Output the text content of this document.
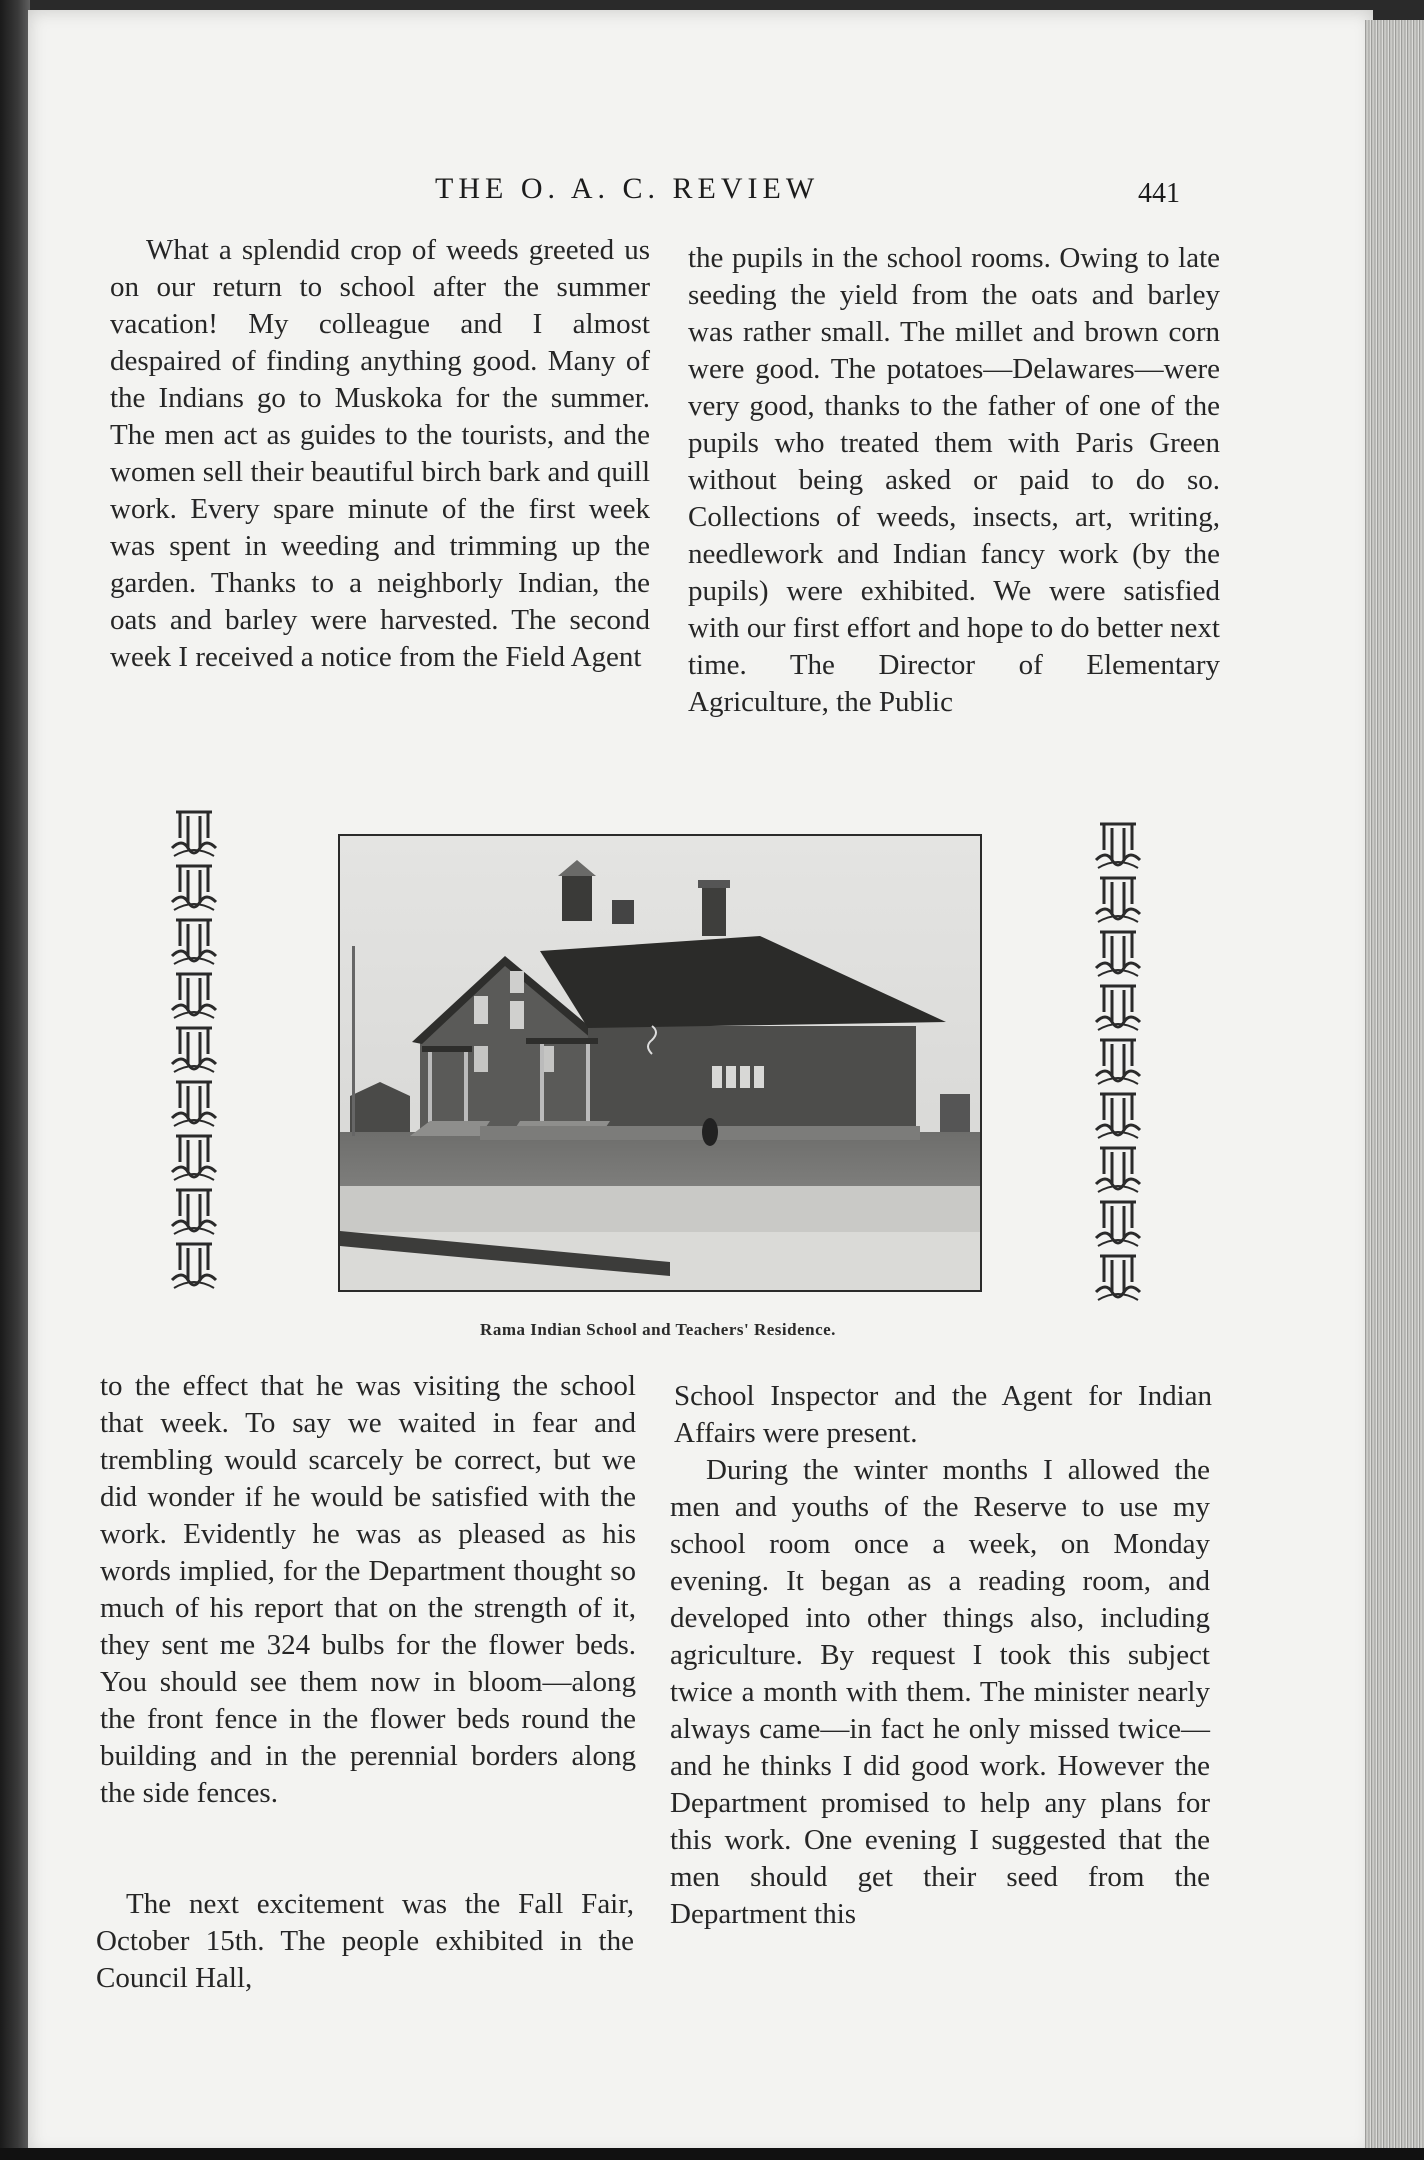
THE O. A. C. REVIEW	441

What a splendid crop of weeds greeted us on our return to school after the summer vacation! My colleague and I almost despaired of finding anything good. Many of the Indians go to Muskoka for the summer. The men act as guides to the tourists, and the women sell their beautiful birch bark and quill work. Every spare minute of the first week was spent in weeding and trimming up the garden. Thanks to a neighborly Indian, the oats and barley were harvested. The second week I received a notice from the Field Agent

the pupils in the school rooms. Owing to late seeding the yield from the oats and barley was rather small. The millet and brown corn were good. The potatoes—Delawares—were very good, thanks to the father of one of the pupils who treated them with Paris Green without being asked or paid to do so. Collections of weeds, insects, art, writing, needlework and Indian fancy work (by the pupils) were exhibited. We were satisfied with our first effort and hope to do better next time. The Director of Elementary Agriculture, the Public

Rama Indian School and Teachers' Residence.

to the effect that he was visiting the school that week. To say we waited in fear and trembling would scarcely be correct, but we did wonder if he would be satisfied with the work. Evidently he was as pleased as his words implied, for the Department thought so much of his report that on the strength of it, they sent me 324 bulbs for the flower beds. You should see them now in bloom—along the front fence in the flower beds round the building and in the perennial borders along the side fences.

The next excitement was the Fall Fair, October 15th. The people exhibited in the Council Hall,

School Inspector and the Agent for Indian Affairs were present.

During the winter months I allowed the men and youths of the Reserve to use my school room once a week, on Monday evening. It began as a reading room, and developed into other things also, including agriculture. By request I took this subject twice a month with them. The minister nearly always came—in fact he only missed twice—and he thinks I did good work. However the Department promised to help any plans for this work. One evening I suggested that the men should get their seed from the Department this
